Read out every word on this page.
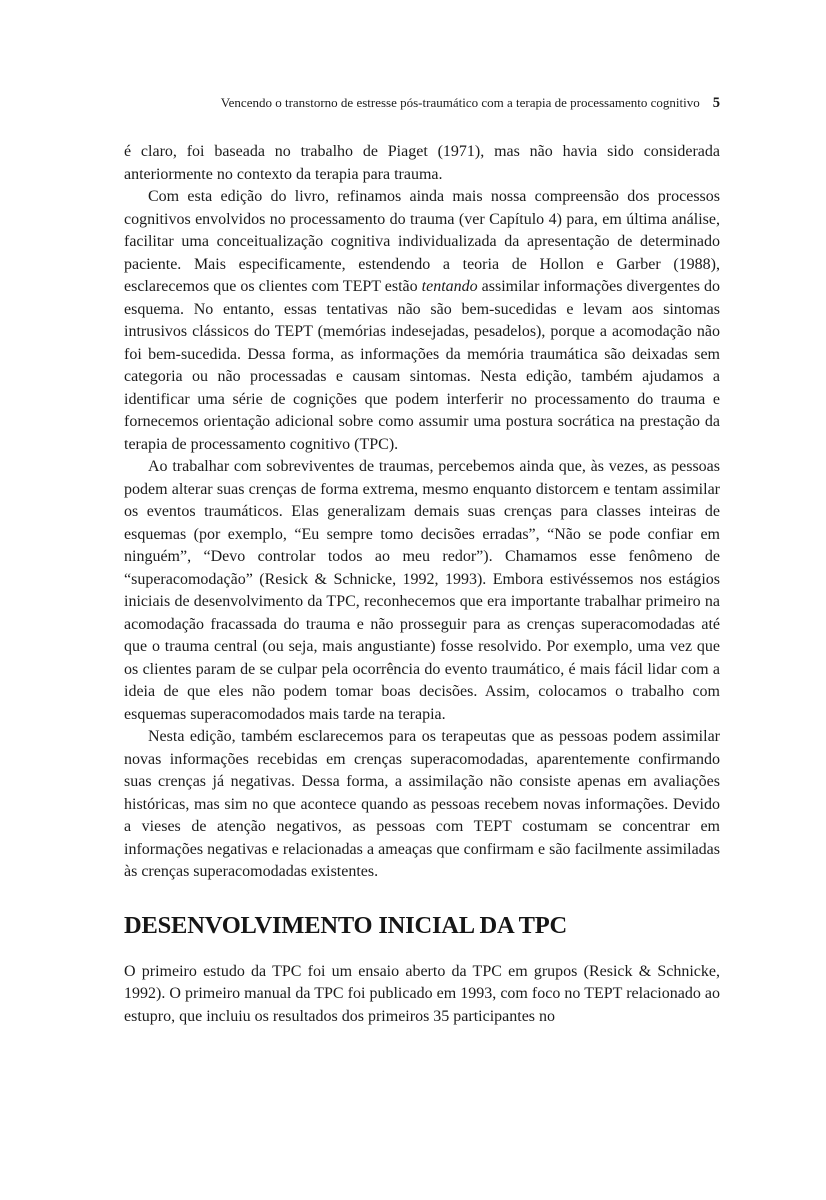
Vencendo o transtorno de estresse pós-traumático com a terapia de processamento cognitivo 5

é claro, foi baseada no trabalho de Piaget (1971), mas não havia sido considerada anteriormente no contexto da terapia para trauma.

Com esta edição do livro, refinamos ainda mais nossa compreensão dos processos cognitivos envolvidos no processamento do trauma (ver Capítulo 4) para, em última análise, facilitar uma conceitualização cognitiva individualizada da apresentação de determinado paciente. Mais especificamente, estendendo a teoria de Hollon e Garber (1988), esclarecemos que os clientes com TEPT estão tentando assimilar informações divergentes do esquema. No entanto, essas tentativas não são bem-sucedidas e levam aos sintomas intrusivos clássicos do TEPT (memórias indesejadas, pesadelos), porque a acomodação não foi bem-sucedida. Dessa forma, as informações da memória traumática são deixadas sem categoria ou não processadas e causam sintomas. Nesta edição, também ajudamos a identificar uma série de cognições que podem interferir no processamento do trauma e fornecemos orientação adicional sobre como assumir uma postura socrática na prestação da terapia de processamento cognitivo (TPC).

Ao trabalhar com sobreviventes de traumas, percebemos ainda que, às vezes, as pessoas podem alterar suas crenças de forma extrema, mesmo enquanto distorcem e tentam assimilar os eventos traumáticos. Elas generalizam demais suas crenças para classes inteiras de esquemas (por exemplo, “Eu sempre tomo decisões erradas”, “Não se pode confiar em ninguém”, “Devo controlar todos ao meu redor”). Chamamos esse fenômeno de “superacomodação” (Resick & Schnicke, 1992, 1993). Embora estivéssemos nos estágios iniciais de desenvolvimento da TPC, reconhecemos que era importante trabalhar primeiro na acomodação fracassada do trauma e não prosseguir para as crenças superacomodadas até que o trauma central (ou seja, mais angustiante) fosse resolvido. Por exemplo, uma vez que os clientes param de se culpar pela ocorrência do evento traumático, é mais fácil lidar com a ideia de que eles não podem tomar boas decisões. Assim, colocamos o trabalho com esquemas superacomodados mais tarde na terapia.

Nesta edição, também esclarecemos para os terapeutas que as pessoas podem assimilar novas informações recebidas em crenças superacomodadas, aparentemente confirmando suas crenças já negativas. Dessa forma, a assimilação não consiste apenas em avaliações históricas, mas sim no que acontece quando as pessoas recebem novas informações. Devido a vieses de atenção negativos, as pessoas com TEPT costumam se concentrar em informações negativas e relacionadas a ameaças que confirmam e são facilmente assimiladas às crenças superacomodadas existentes.

DESENVOLVIMENTO INICIAL DA TPC

O primeiro estudo da TPC foi um ensaio aberto da TPC em grupos (Resick & Schnicke, 1992). O primeiro manual da TPC foi publicado em 1993, com foco no TEPT relacionado ao estupro, que incluiu os resultados dos primeiros 35 participantes no
